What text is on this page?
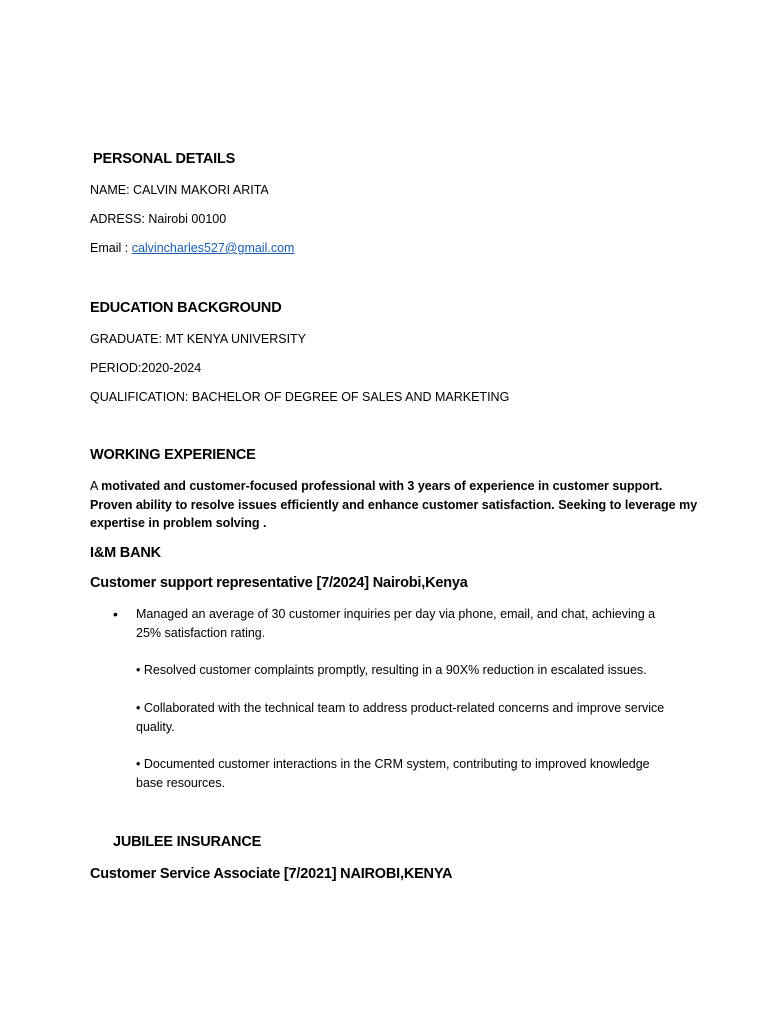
PERSONAL DETAILS
NAME: CALVIN MAKORI ARITA
ADRESS: Nairobi 00100
Email : calvincharles527@gmail.com
EDUCATION BACKGROUND
GRADUATE: MT KENYA UNIVERSITY
PERIOD:2020-2024
QUALIFICATION: BACHELOR OF DEGREE OF SALES AND MARKETING
WORKING EXPERIENCE
A motivated and customer-focused professional with 3 years of experience in customer support.
Proven ability to resolve issues efficiently and enhance customer satisfaction. Seeking to leverage my
expertise in problem solving .
I&M BANK
Customer support representative [7/2024] Nairobi,Kenya
• Managed an average of 30 customer inquiries per day via phone, email, and chat, achieving a
25% satisfaction rating.
• Resolved customer complaints promptly, resulting in a 90X% reduction in escalated issues.
• Collaborated with the technical team to address product-related concerns and improve service
quality.
• Documented customer interactions in the CRM system, contributing to improved knowledge
base resources.
JUBILEE INSURANCE
Customer Service Associate [7/2021] NAIROBI,KENYA
